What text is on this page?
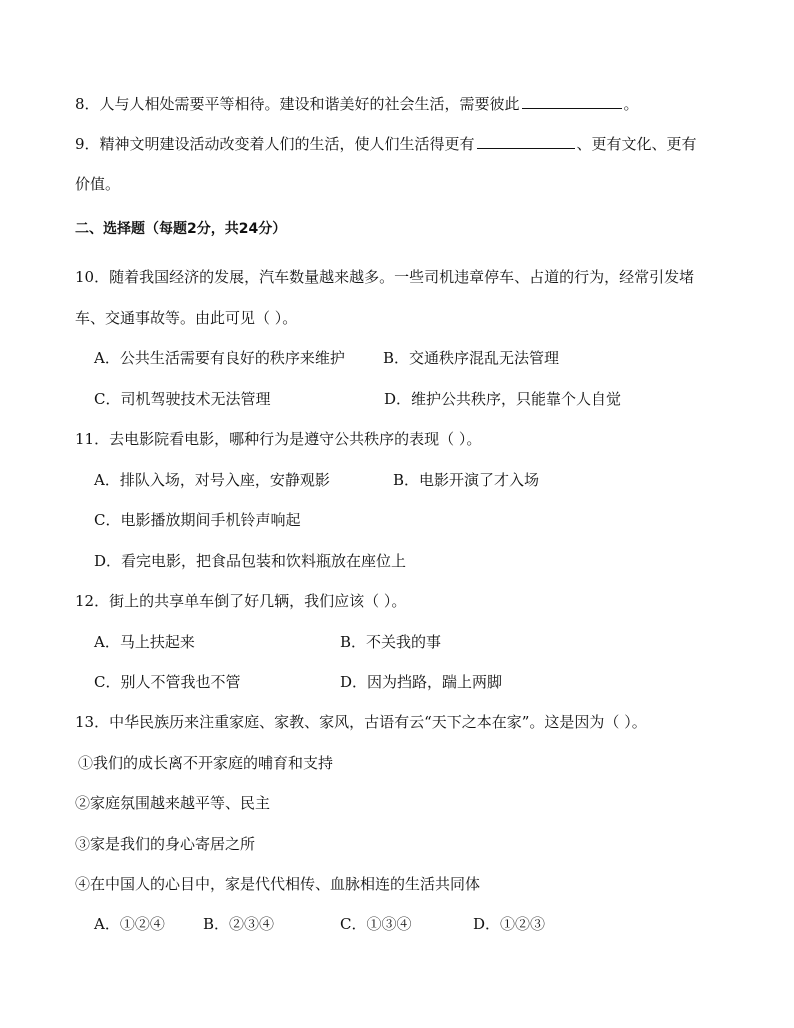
8．人与人相处需要平等相待。建设和谐美好的社会生活，需要彼此	。
9．精神文明建设活动改变着人们的生活，使人们生活得更有	、更有文化、更有
价值。
二、选择题（每题2分，共24分）
10．随着我国经济的发展，汽车数量越来越多。一些司机违章停车、占道的行为，经常引发堵
车、交通事故等。由此可见（ ）。
A．公共生活需要有良好的秩序来维护	B．交通秩序混乱无法管理
C．司机驾驶技术无法管理	D．维护公共秩序，只能靠个人自觉
11．去电影院看电影，哪种行为是遵守公共秩序的表现（ ）。
A．排队入场，对号入座，安静观影	B．电影开演了才入场
C．电影播放期间手机铃声响起
D．看完电影，把食品包装和饮料瓶放在座位上
12．街上的共享单车倒了好几辆，我们应该（ ）。
A．马上扶起来	B．不关我的事
C．别人不管我也不管	D．因为挡路，踹上两脚
13．中华民族历来注重家庭、家教、家风，古语有云“天下之本在家”。这是因为（ ）。
①我们的成长离不开家庭的哺育和支持
②家庭氛围越来越平等、民主
③家是我们的身心寄居之所
④在中国人的心目中，家是代代相传、血脉相连的生活共同体
A．①②④	B．②③④	C．①③④	D．①②③
